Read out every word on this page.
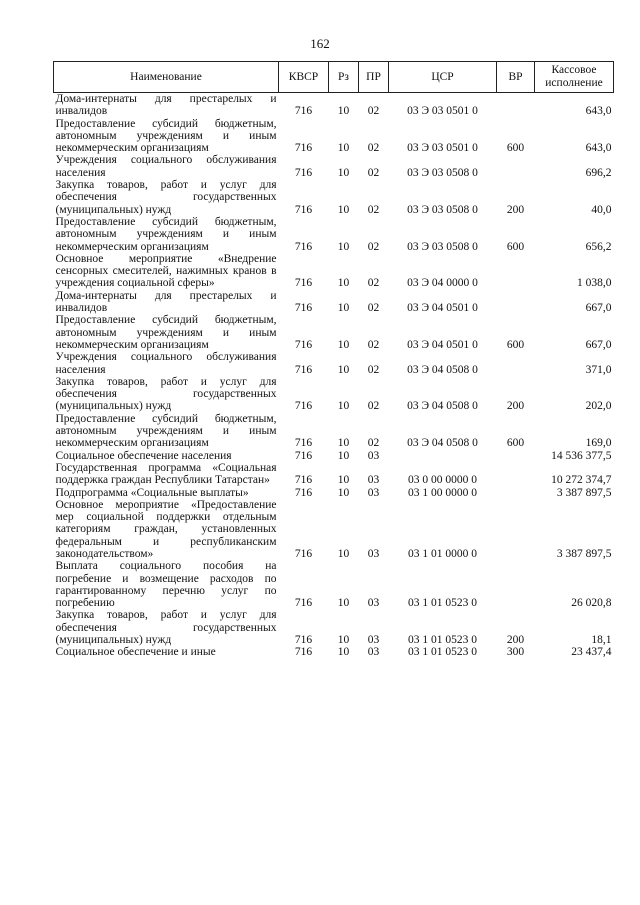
162
Наименование	КВСР	Рз	ПР	ЦСР	ВР	Кассовое исполнение
Дома-интернаты для престарелых и инвалидов	716	10	02	03 Э 03 0501 0		643,0
Предоставление субсидий бюджетным, автономным учреждениям и иным некоммерческим организациям	716	10	02	03 Э 03 0501 0	600	643,0
Учреждения социального обслуживания населения	716	10	02	03 Э 03 0508 0		696,2
Закупка товаров, работ и услуг для обеспечения государственных (муниципальных) нужд	716	10	02	03 Э 03 0508 0	200	40,0
Предоставление субсидий бюджетным, автономным учреждениям и иным некоммерческим организациям	716	10	02	03 Э 03 0508 0	600	656,2
Основное мероприятие «Внедрение сенсорных смесителей, нажимных кранов в учреждения социальной сферы»	716	10	02	03 Э 04 0000 0		1 038,0
Дома-интернаты для престарелых и инвалидов	716	10	02	03 Э 04 0501 0		667,0
Предоставление субсидий бюджетным, автономным учреждениям и иным некоммерческим организациям	716	10	02	03 Э 04 0501 0	600	667,0
Учреждения социального обслуживания населения	716	10	02	03 Э 04 0508 0		371,0
Закупка товаров, работ и услуг для обеспечения государственных (муниципальных) нужд	716	10	02	03 Э 04 0508 0	200	202,0
Предоставление субсидий бюджетным, автономным учреждениям и иным некоммерческим организациям	716	10	02	03 Э 04 0508 0	600	169,0
Социальное обеспечение населения	716	10	03			14 536 377,5
Государственная программа «Социальная поддержка граждан Республики Татарстан»	716	10	03	03 0 00 0000 0		10 272 374,7
Подпрограмма «Социальные выплаты»	716	10	03	03 1 00 0000 0		3 387 897,5
Основное мероприятие «Предоставление мер социальной поддержки отдельным категориям граждан, установленных федеральным и республиканским законодательством»	716	10	03	03 1 01 0000 0		3 387 897,5
Выплата социального пособия на погребение и возмещение расходов по гарантированному перечню услуг по погребению	716	10	03	03 1 01 0523 0		26 020,8
Закупка товаров, работ и услуг для обеспечения государственных (муниципальных) нужд	716	10	03	03 1 01 0523 0	200	18,1
Социальное обеспечение и иные	716	10	03	03 1 01 0523 0	300	23 437,4
